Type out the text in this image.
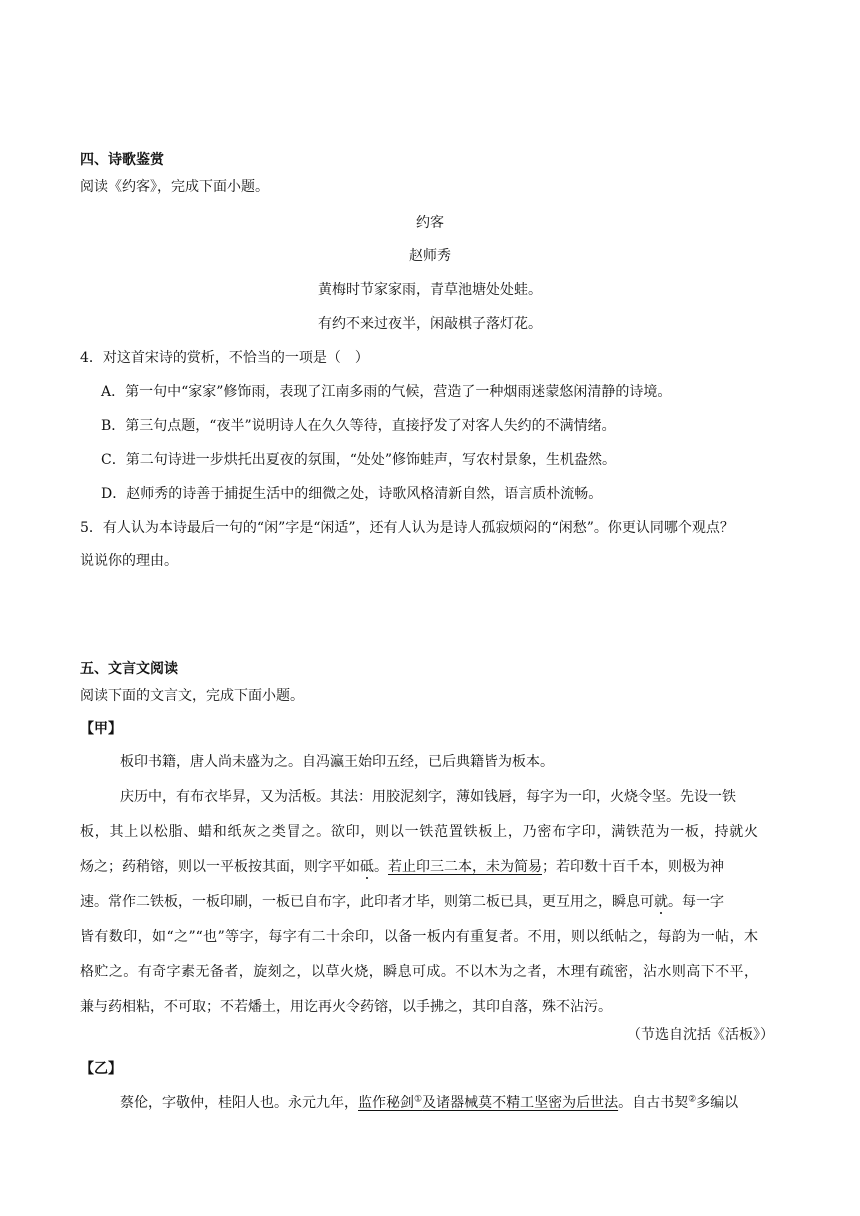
四、诗歌鉴赏
阅读《约客》，完成下面小题。
约客
赵师秀
黄梅时节家家雨，青草池塘处处蛙。
有约不来过夜半，闲敲棋子落灯花。
4．对这首宋诗的赏析，不恰当的一项是（　）
A．第一句中“家家”修饰雨，表现了江南多雨的气候，营造了一种烟雨迷蒙悠闲清静的诗境。
B．第三句点题，“夜半”说明诗人在久久等待，直接抒发了对客人失约的不满情绪。
C．第二句诗进一步烘托出夏夜的氛围，“处处”修饰蛙声，写农村景象，生机盎然。
D．赵师秀的诗善于捕捉生活中的细微之处，诗歌风格清新自然，语言质朴流畅。
5．有人认为本诗最后一句的“闲”字是“闲适”，还有人认为是诗人孤寂烦闷的“闲愁”。你更认同哪个观点？
说说你的理由。
五、文言文阅读
阅读下面的文言文，完成下面小题。
【甲】
板印书籍，唐人尚未盛为之。自冯瀛王始印五经，已后典籍皆为板本。
庆历中，有布衣毕昇，又为活板。其法：用胶泥刻字，薄如钱唇，每字为一印，火烧令坚。先设一铁
板，其上以松脂、蜡和纸灰之类冒之。欲印，则以一铁范置铁板上，乃密布字印，满铁范为一板，持就火
炀之；药稍镕，则以一平板按其面，则字平如砥。若止印三二本，未为简易；若印数十百千本，则极为神
速。常作二铁板，一板印刷，一板已自布字，此印者才毕，则第二板已具，更互用之，瞬息可就。每一字
皆有数印，如“之”“也”等字，每字有二十余印，以备一板内有重复者。不用，则以纸帖之，每韵为一帖，木
格贮之。有奇字素无备者，旋刻之，以草火烧，瞬息可成。不以木为之者，木理有疏密，沾水则高下不平，
兼与药相粘，不可取；不若燔土，用讫再火令药镕，以手拂之，其印自落，殊不沾污。
（节选自沈括《活板》）
【乙】
蔡伦，字敬仲，桂阳人也。永元九年，监作秘剑①及诸器械莫不精工坚密为后世法。自古书契②多编以
